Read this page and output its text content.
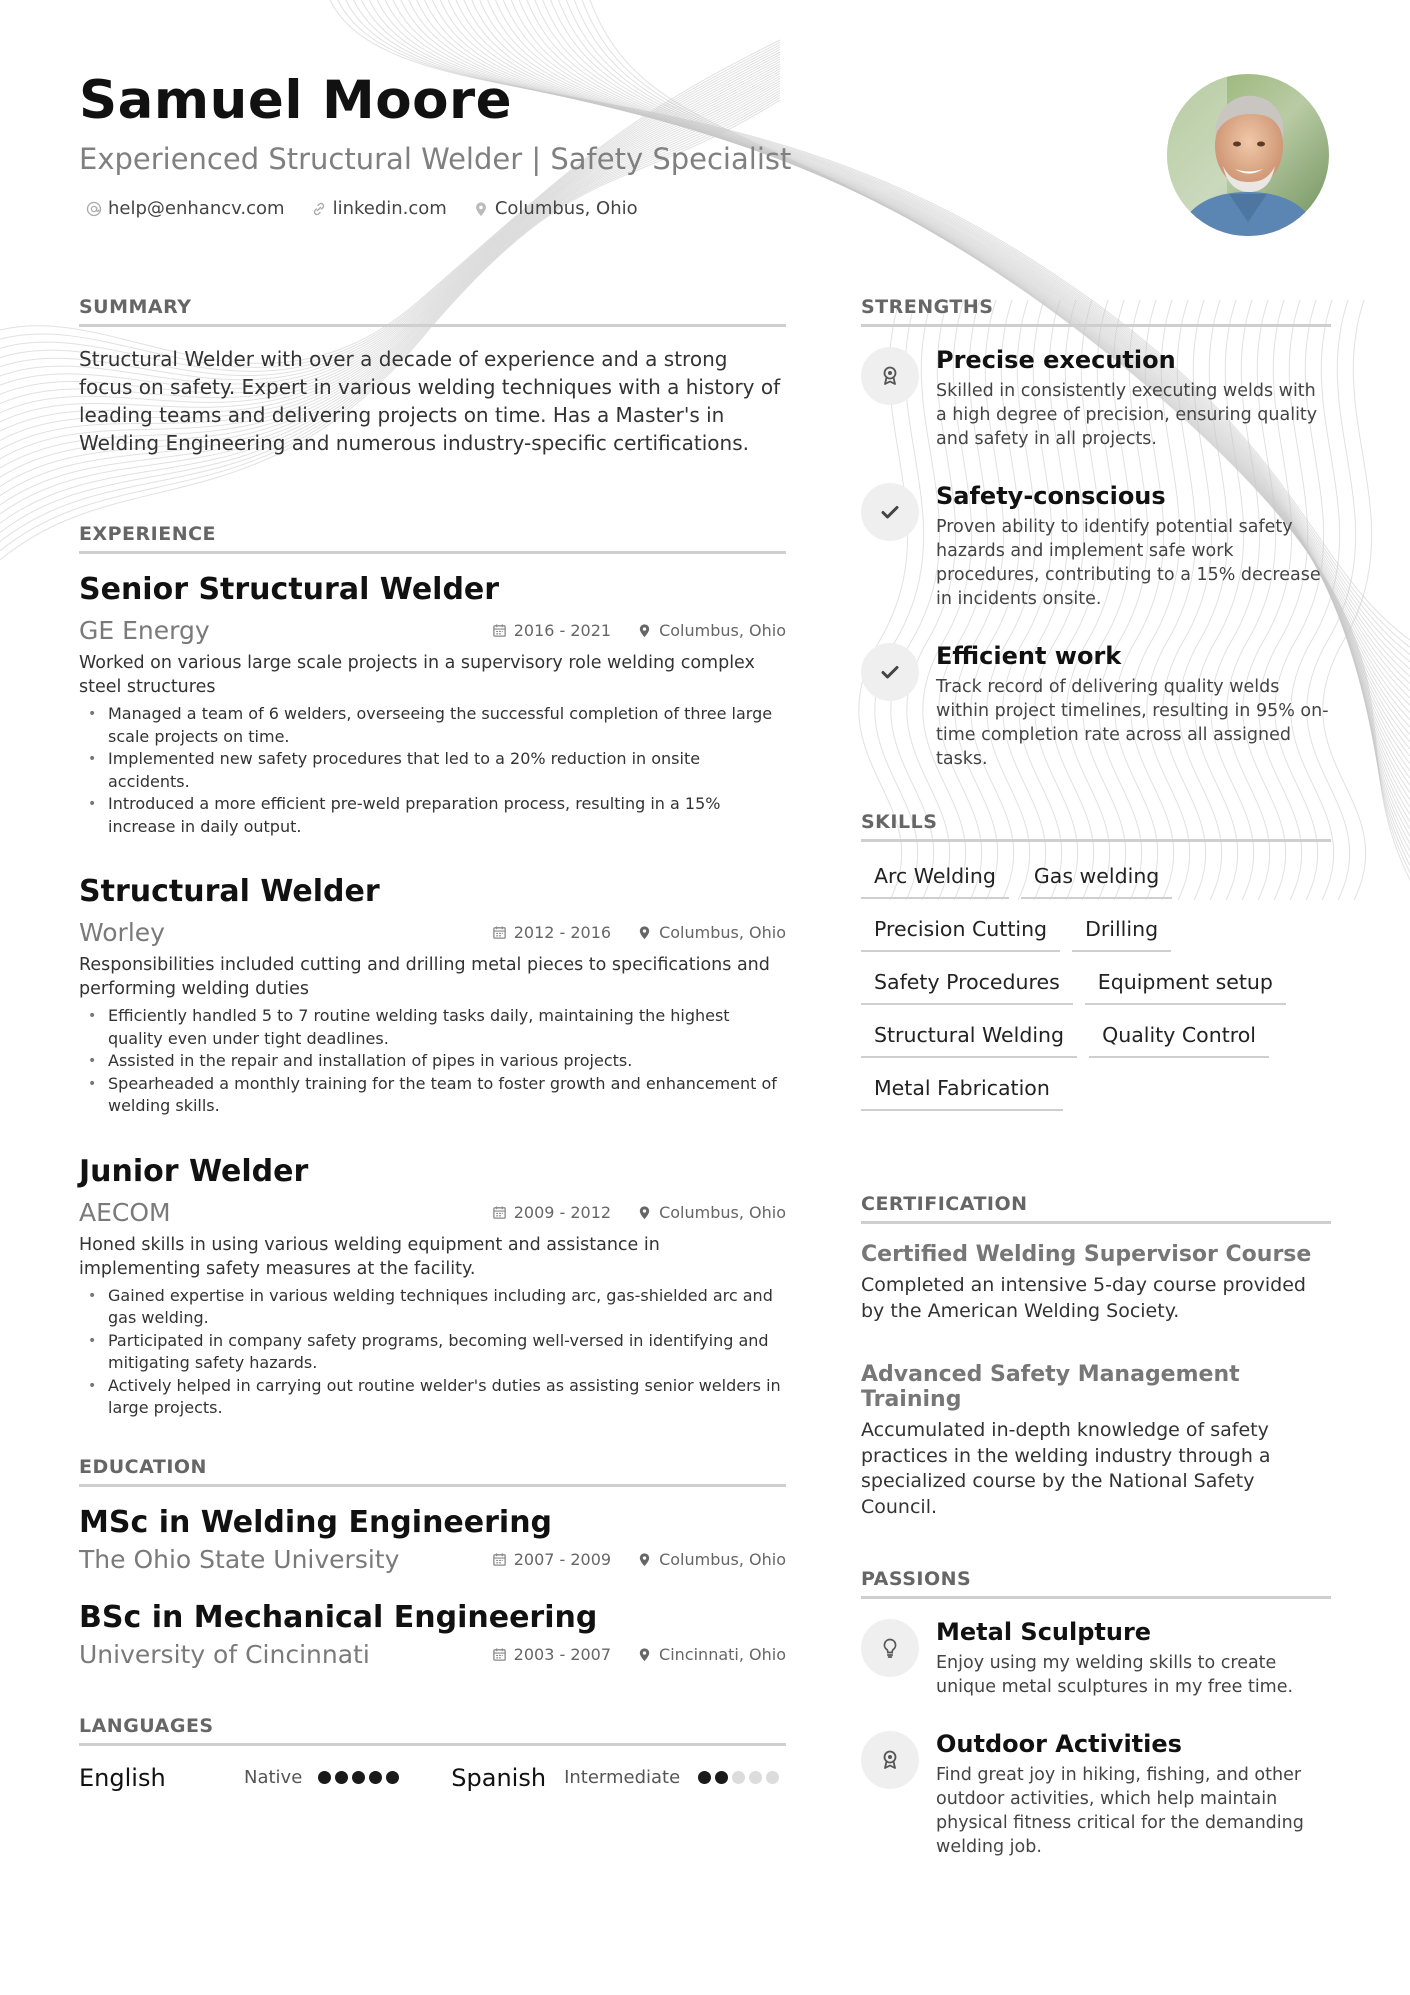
Samuel Moore

Experienced Structural Welder | Safety Specialist

help@enhancv.com	linkedin.com	Columbus, Ohio
SUMMARY

Structural Welder with over a decade of experience and a strong focus on safety. Expert in various welding techniques with a history of leading teams and delivering projects on time. Has a Master's in Welding Engineering and numerous industry-specific certifications.

EXPERIENCE
Senior Structural Welder
GE Energy	2016 - 2021	Columbus, Ohio

Worked on various large scale projects in a supervisory role welding complex steel structures

• Managed a team of 6 welders, overseeing the successful completion of three large scale projects on time.
• Implemented new safety procedures that led to a 20% reduction in onsite accidents.
• Introduced a more efficient pre-weld preparation process, resulting in a 15% increase in daily output.
Structural Welder
Worley	2012 - 2016	Columbus, Ohio

Responsibilities included cutting and drilling metal pieces to specifications and performing welding duties

• Efficiently handled 5 to 7 routine welding tasks daily, maintaining the highest quality even under tight deadlines.
• Assisted in the repair and installation of pipes in various projects.
• Spearheaded a monthly training for the team to foster growth and enhancement of welding skills.
Junior Welder
AECOM	2009 - 2012	Columbus, Ohio

Honed skills in using various welding equipment and assistance in implementing safety measures at the facility.

• Gained expertise in various welding techniques including arc, gas-shielded arc and gas welding.
• Participated in company safety programs, becoming well-versed in identifying and mitigating safety hazards.
• Actively helped in carrying out routine welder's duties as assisting senior welders in large projects.
EDUCATION
MSc in Welding Engineering
The Ohio State University	2007 - 2009	Columbus, Ohio
BSc in Mechanical Engineering
University of Cincinnati	2003 - 2007	Cincinnati, Ohio
LANGUAGES
English	Native	Spanish Intermediate
STRENGTHS
Precise execution

Skilled in consistently executing welds with a high degree of precision, ensuring quality and safety in all projects.

Safety-conscious

Proven ability to identify potential safety hazards and implement safe work procedures, contributing to a 15% decrease in incidents onsite.

Efficient work

Track record of delivering quality welds within project timelines, resulting in 95% on-time completion rate across all assigned tasks.

SKILLS
Arc Welding	Gas welding
Precision Cutting	Drilling
Safety Procedures	Equipment setup
Structural Welding	Quality Control
Metal Fabrication
CERTIFICATION
Certified Welding Supervisor Course

Completed an intensive 5-day course provided by the American Welding Society.

Advanced Safety Management Training

Accumulated in-depth knowledge of safety practices in the welding industry through a specialized course by the National Safety Council.

PASSIONS
Metal Sculpture

Enjoy using my welding skills to create unique metal sculptures in my free time.

Outdoor Activities

Find great joy in hiking, fishing, and other outdoor activities, which help maintain physical fitness critical for the demanding welding job.
